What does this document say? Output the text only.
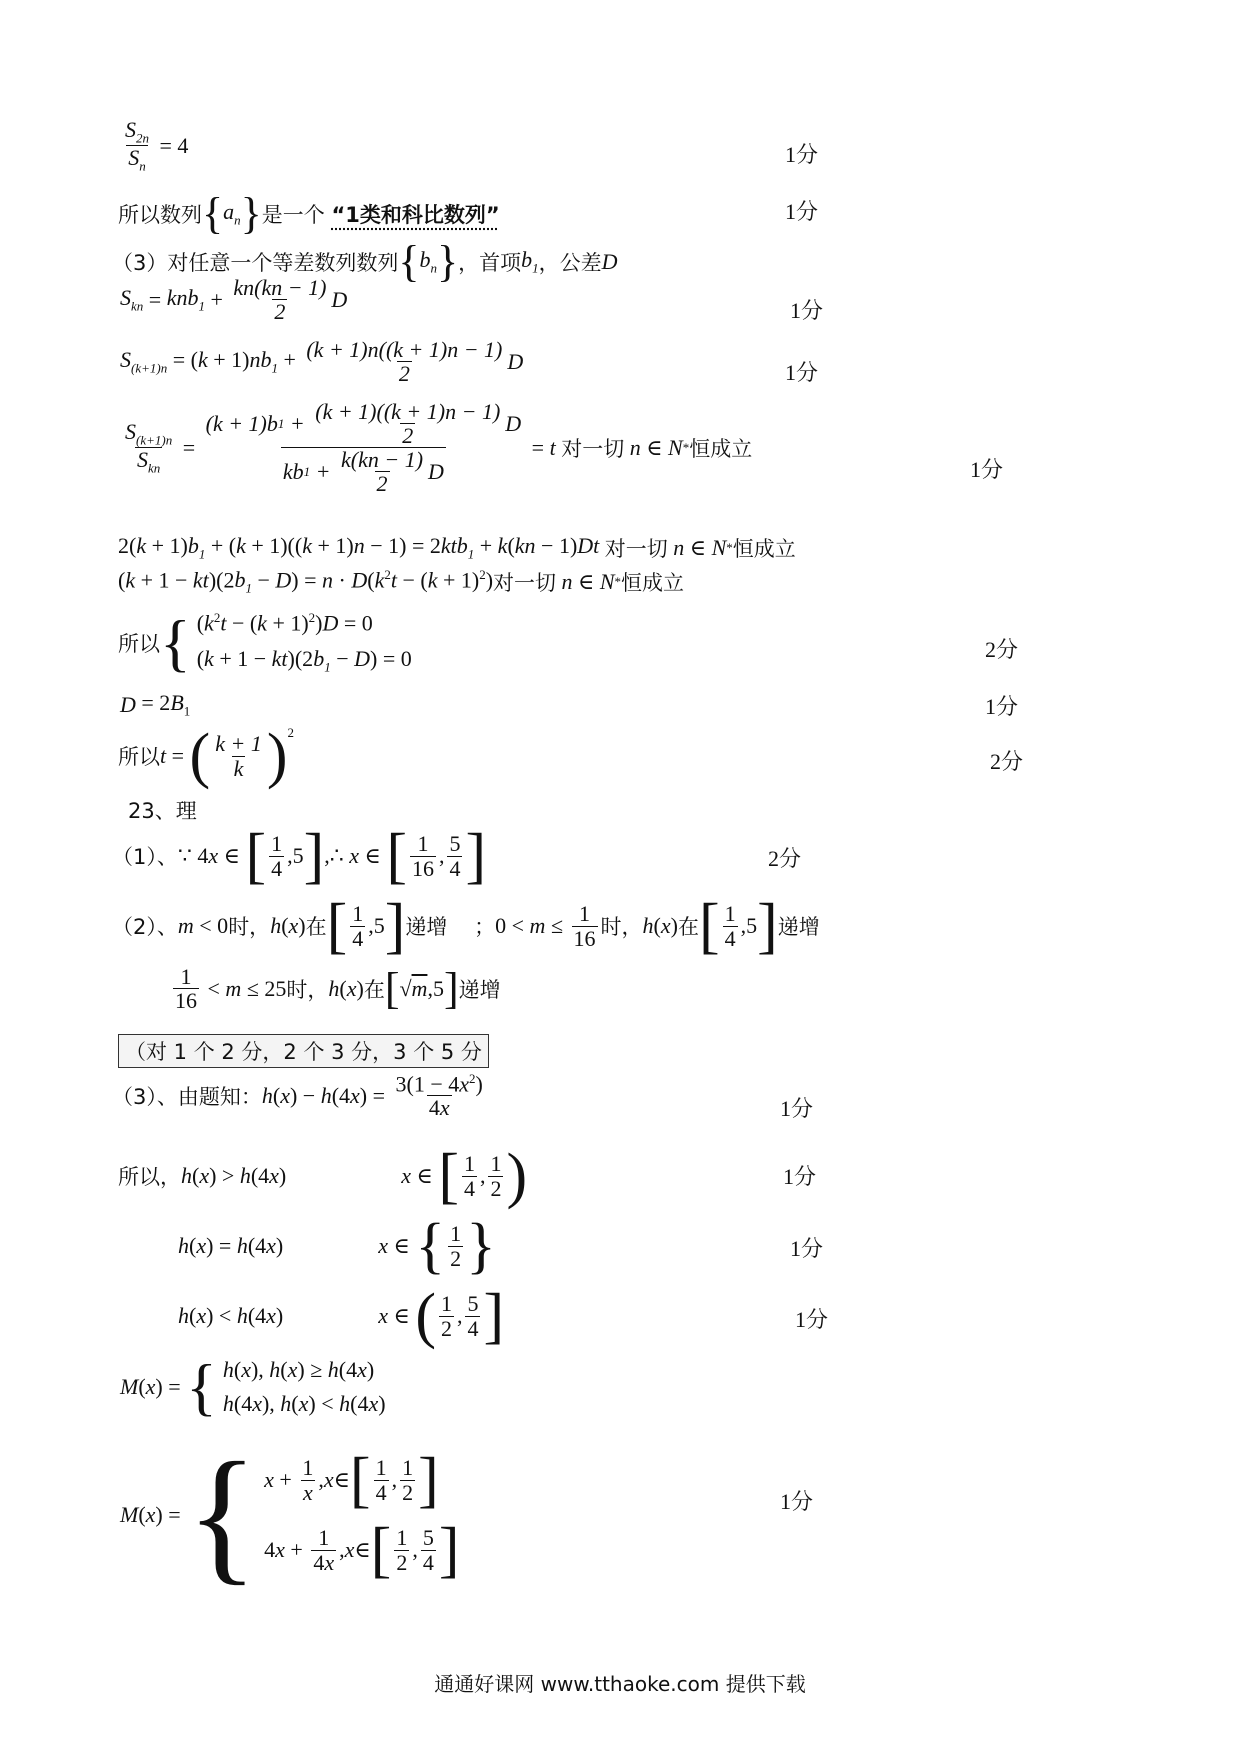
$\frac{S_{2n}}{S_n} = 4$	1分
所以数列 { $a_n$ } 是一个
“1类和科比数列”	1分
（3）对任意一个等差数列数列 { $b_n$ } ，首项 $b_1$ ，公差 D
$S_{kn} = knb_1 + \frac{kn(kn - 1)}{2}$ D	1分
$S_{(k+1)n} = (k + 1)nb_1 + \frac{(k + 1)n((k + 1)n - 1)}{2}$ D	1分
$\frac{S_{(k+1)n}}{S_{kn}} = \frac{(k + 1)b 1 + \frac{(k + 1)((k + 1)n - 1)}{2} D}{kb 1 + \frac{k(kn - 1)}{2} D} = t$ 对一切 n ∈ N * 恒成立
1分
$2(k + 1)b_1 + (k + 1)((k + 1)n - 1) = 2ktb_1 + k(kn - 1)Dt$ 对一切 n ∈ N * 恒成立
$(k + 1 - kt)(2b_1 - D) = n \cdot D(k^2t - (k + 1)^2)$ 对一切 n ∈ N * 恒成立
所以 { $(k^2t - (k + 1)^2)D = 0$
$(k + 1 - kt)(2b_1 - D) = 0$	2分
$D = 2B_1$	1分
所以 t = ( $\frac{k + 1}{k} )^2$
2分
23、理
（1）、 ∵ 4x ∈ [ $\frac{1}{4} ,5$ ] ,∴ x ∈ [ $\frac{1}{16}$ , $\frac{5}{4}$ ]	2分
（2）、 m < 0 时， h (x) 在 [ $\frac{1}{4} ,5$ ] 递增
； $0 < m \le \frac{1}{16}$ 时， h (x) 在 [ $\frac{1}{4} ,5$ ] 递增
$\frac{1}{16} < m \le 25$ 时， h (x) 在 [ √m,5 ] 递增
（对 1 个 2 分，2 个 3 分，3 个 5 分
（3）、由题知： h $(x) - h(4x) = \frac{3(1 - 4x^2)}{4x}$	1分
所以， h (x) > h(4x)	x ∈ [ $\frac{1}{4}$ , $\frac{1}{2}$ )	1分
h (x) = h(4x)	x ∈ { $\frac{1}{2}$ }	1分
h (x) < h(4x)	x ∈ ( $\frac{1}{2}$ , $\frac{5}{4}$ ]	1分
M (x) = { h(x), h(x) ≥ h(4x)
h(4x), h(x) < h(4x)
M (x) = { $x + \frac{1}{x}$ , x ∈ [ $\frac{1}{4}$ , $\frac{1}{2}$ ]
4 $x + \frac{1}{4x}$ , x ∈ [ $\frac{1}{2}$ , $\frac{5}{4}$ ]
1分
通通好课网 www.tthaoke.com 提供下载
